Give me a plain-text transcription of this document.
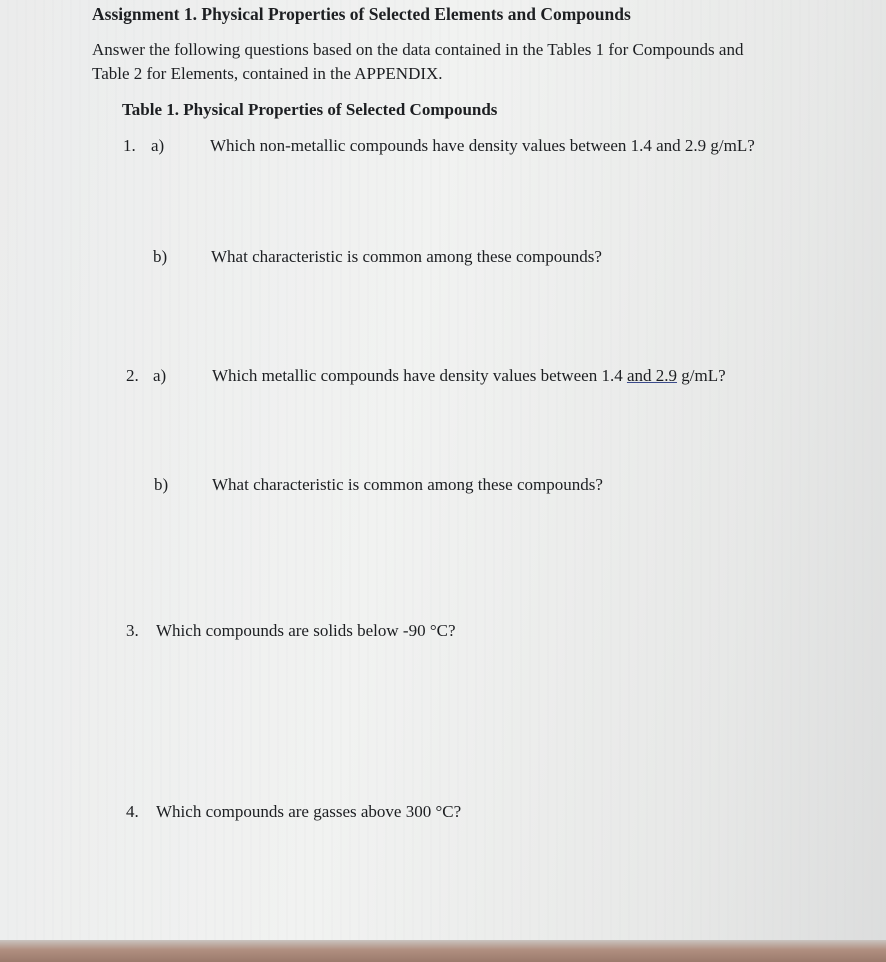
Assignment 1. Physical Properties of Selected Elements and Compounds
Answer the following questions based on the data contained in the Tables 1 for Compounds and
Table 2 for Elements, contained in the APPENDIX.
Table 1. Physical Properties of Selected Compounds
1. a)	Which non-metallic compounds have density values between 1.4 and 2.9 g/mL?
b)	What characteristic is common among these compounds?
2. a)	Which metallic compounds have density values between 1.4 and 2.9 g/mL?
b)	What characteristic is common among these compounds?
3. Which compounds are solids below -90 °C?
4. Which compounds are gasses above 300 °C?
